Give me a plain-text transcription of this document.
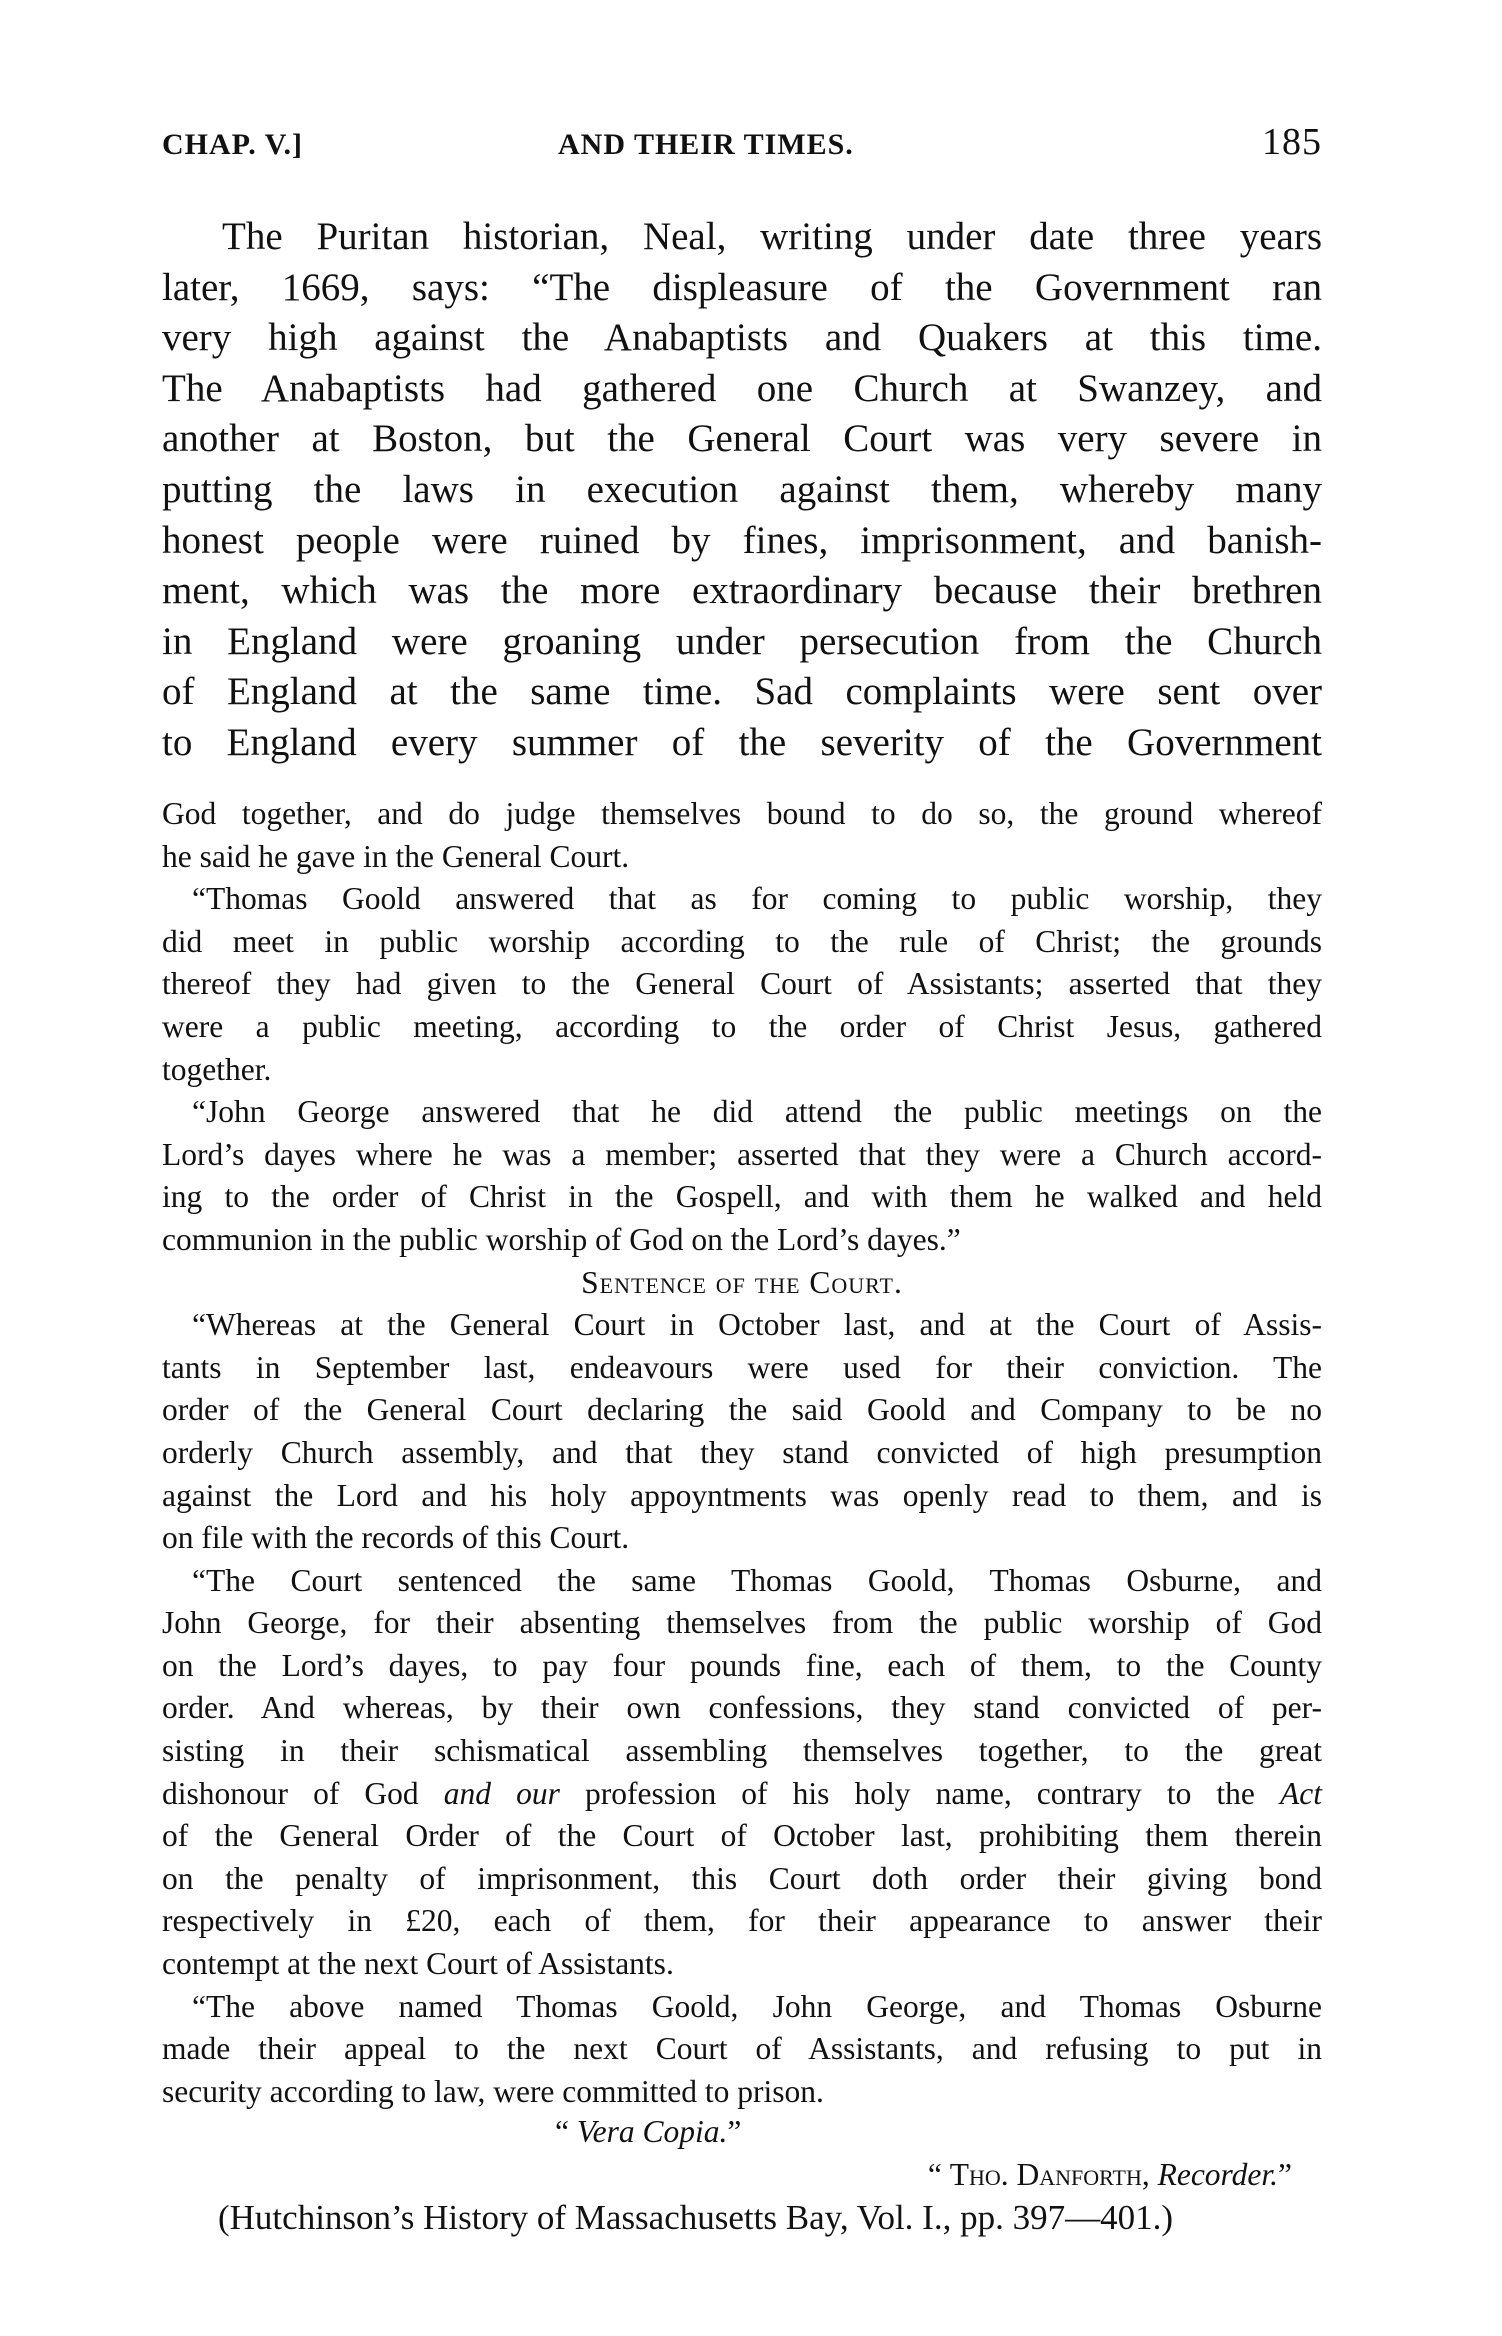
CHAP. V.]	AND THEIR TIMES.	185
The Puritan historian, Neal, writing under date three years
later, 1669, says: “The displeasure of the Government ran
very high against the Anabaptists and Quakers at this time.
The Anabaptists had gathered one Church at Swanzey, and
another at Boston, but the General Court was very severe in
putting the laws in execution against them, whereby many
honest people were ruined by fines, imprisonment, and banish-
ment, which was the more extraordinary because their brethren
in England were groaning under persecution from the Church
of England at the same time. Sad complaints were sent over
to England every summer of the severity of the Government
God together, and do judge themselves bound to do so, the ground whereof
he said he gave in the General Court.
“Thomas Goold answered that as for coming to public worship, they
did meet in public worship according to the rule of Christ; the grounds
thereof they had given to the General Court of Assistants; asserted that they
were a public meeting, according to the order of Christ Jesus, gathered
together.
“John George answered that he did attend the public meetings on the
Lord’s dayes where he was a member; asserted that they were a Church accord-
ing to the order of Christ in the Gospell, and with them he walked and held
communion in the public worship of God on the Lord’s dayes.”
Sentence of the Court.
“Whereas at the General Court in October last, and at the Court of Assis-
tants in September last, endeavours were used for their conviction. The
order of the General Court declaring the said Goold and Company to be no
orderly Church assembly, and that they stand convicted of high presumption
against the Lord and his holy appoyntments was openly read to them, and is
on file with the records of this Court.
“The Court sentenced the same Thomas Goold, Thomas Osburne, and
John George, for their absenting themselves from the public worship of God
on the Lord’s dayes, to pay four pounds fine, each of them, to the County
order. And whereas, by their own confessions, they stand convicted of per-
sisting in their schismatical assembling themselves together, to the great
dishonour of God and our profession of his holy name, contrary to the Act
of the General Order of the Court of October last, prohibiting them therein
on the penalty of imprisonment, this Court doth order their giving bond
respectively in £20, each of them, for their appearance to answer their
contempt at the next Court of Assistants.
“The above named Thomas Goold, John George, and Thomas Osburne
made their appeal to the next Court of Assistants, and refusing to put in
security according to law, were committed to prison.
“ Vera Copia.”
“ Tho. Danforth, Recorder.”
(Hutchinson’s History of Massachusetts Bay, Vol. I., pp. 397—401.)
